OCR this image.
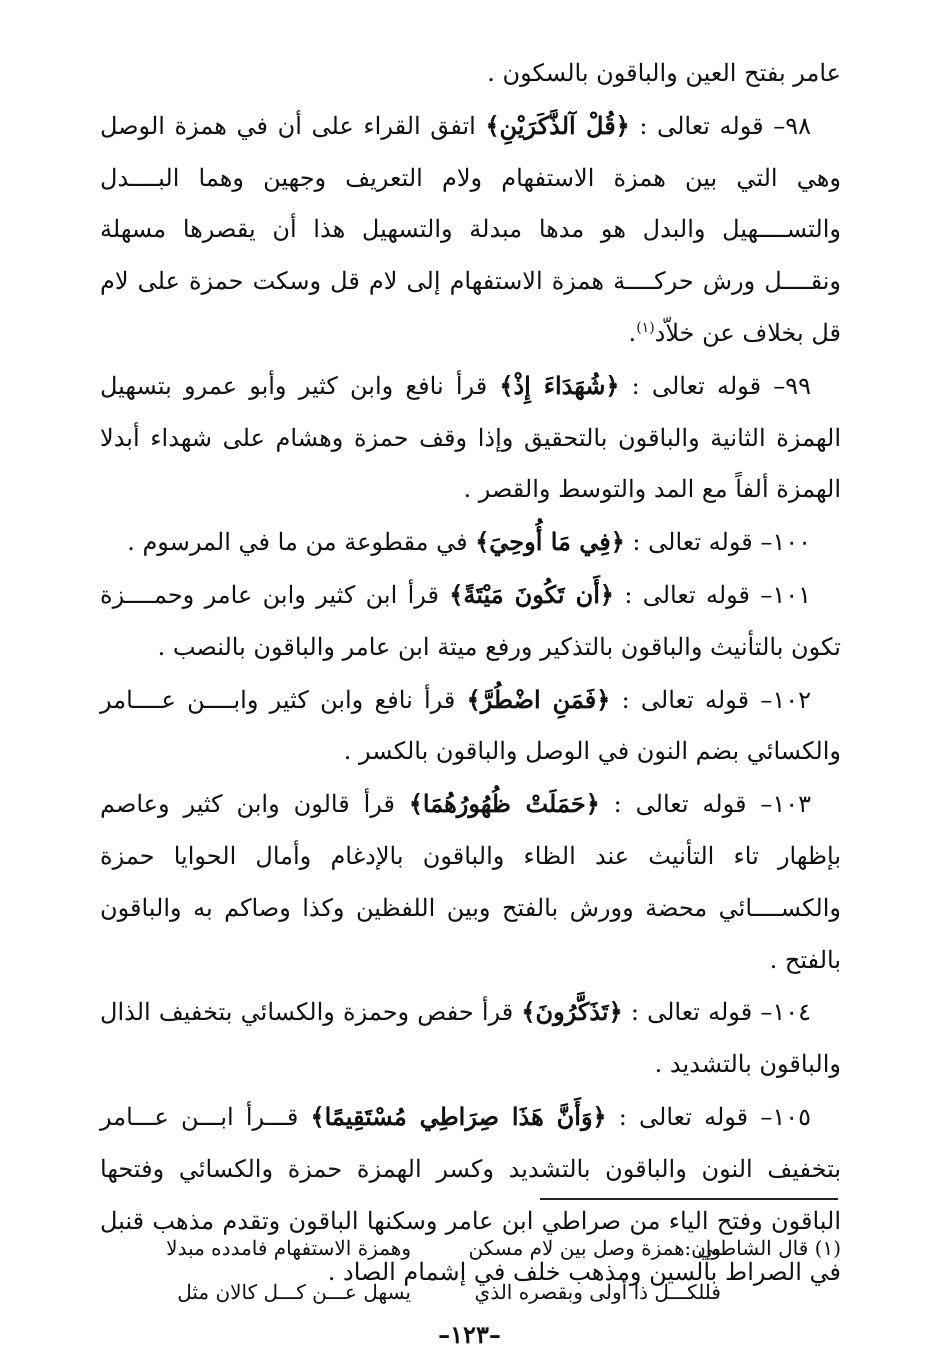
عامر بفتح العين والباقون بالسكون .

٩٨– قوله تعالى : ﴿قُلْ آلذَّكَرَيْنِ﴾ اتفق القراء على أن في همزة الوصل وهي التي بين همزة الاستفهام ولام التعريف وجهين وهما البــــدل والتســــهيل والبدل هو مدها مبدلة والتسهيل هذا أن يقصرها مسهلة ونقــــل ورش حركــــة همزة الاستفهام إلى لام قل وسكت حمزة على لام قل بخلاف عن خلاّد$^{(١)}$.

٩٩– قوله تعالى : ﴿شُهَدَاءَ إِذْ﴾ قرأ نافع وابن كثير وأبو عمرو بتسهيل الهمزة الثانية والباقون بالتحقيق وإذا وقف حمزة وهشام على شهداء أبدلا الهمزة ألفاً مع المد والتوسط والقصر .

١٠٠– قوله تعالى : ﴿فِي مَا أُوحِيَ﴾ في مقطوعة من ما في المرسوم .

١٠١– قوله تعالى : ﴿أَن تَكُونَ مَيْتَةً﴾ قرأ ابن كثير وابن عامر وحمــــزة تكون بالتأنيث والباقون بالتذكير ورفع ميتة ابن عامر والباقون بالنصب .

١٠٢– قوله تعالى : ﴿فَمَنِ اضْطُرَّ﴾ قرأ نافع وابن كثير وابــــن عــــامر والكسائي بضم النون في الوصل والباقون بالكسر .

١٠٣– قوله تعالى : ﴿حَمَلَتْ ظُهُورُهُمَا﴾ قرأ قالون وابن كثير وعاصم بإظهار تاء التأنيث عند الظاء والباقون بالإدغام وأمال الحوايا حمزة والكســــائي محضة وورش بالفتح وبين اللفظين وكذا وصاكم به والباقون بالفتح .

١٠٤– قوله تعالى : ﴿تَذَكَّرُونَ﴾ قرأ حفص وحمزة والكسائي بتخفيف الذال والباقون بالتشديد .

١٠٥– قوله تعالى : ﴿وَأَنَّ هَذَا صِرَاطِي مُسْتَقِيمًا﴾ قـــرأ ابـــن عـــامر بتخفيف النون والباقون بالتشديد وكسر الهمزة حمزة والكسائي وفتحها الباقون وفتح الياء من صراطي ابن عامر وسكنها الباقون وتقدم مذهب قنبل في الصراط بالسين ومذهب خلف في إشمام الصاد .

(١) قال الشاطبي :
وإن همزة وصل بين لام مسكن
وهمزة الاستفهام فامدده مبدلا
فللكـــل ذا أولى وبقصره الذي
يسهل عـــن كـــل كالان مثل
–١٢٣–
